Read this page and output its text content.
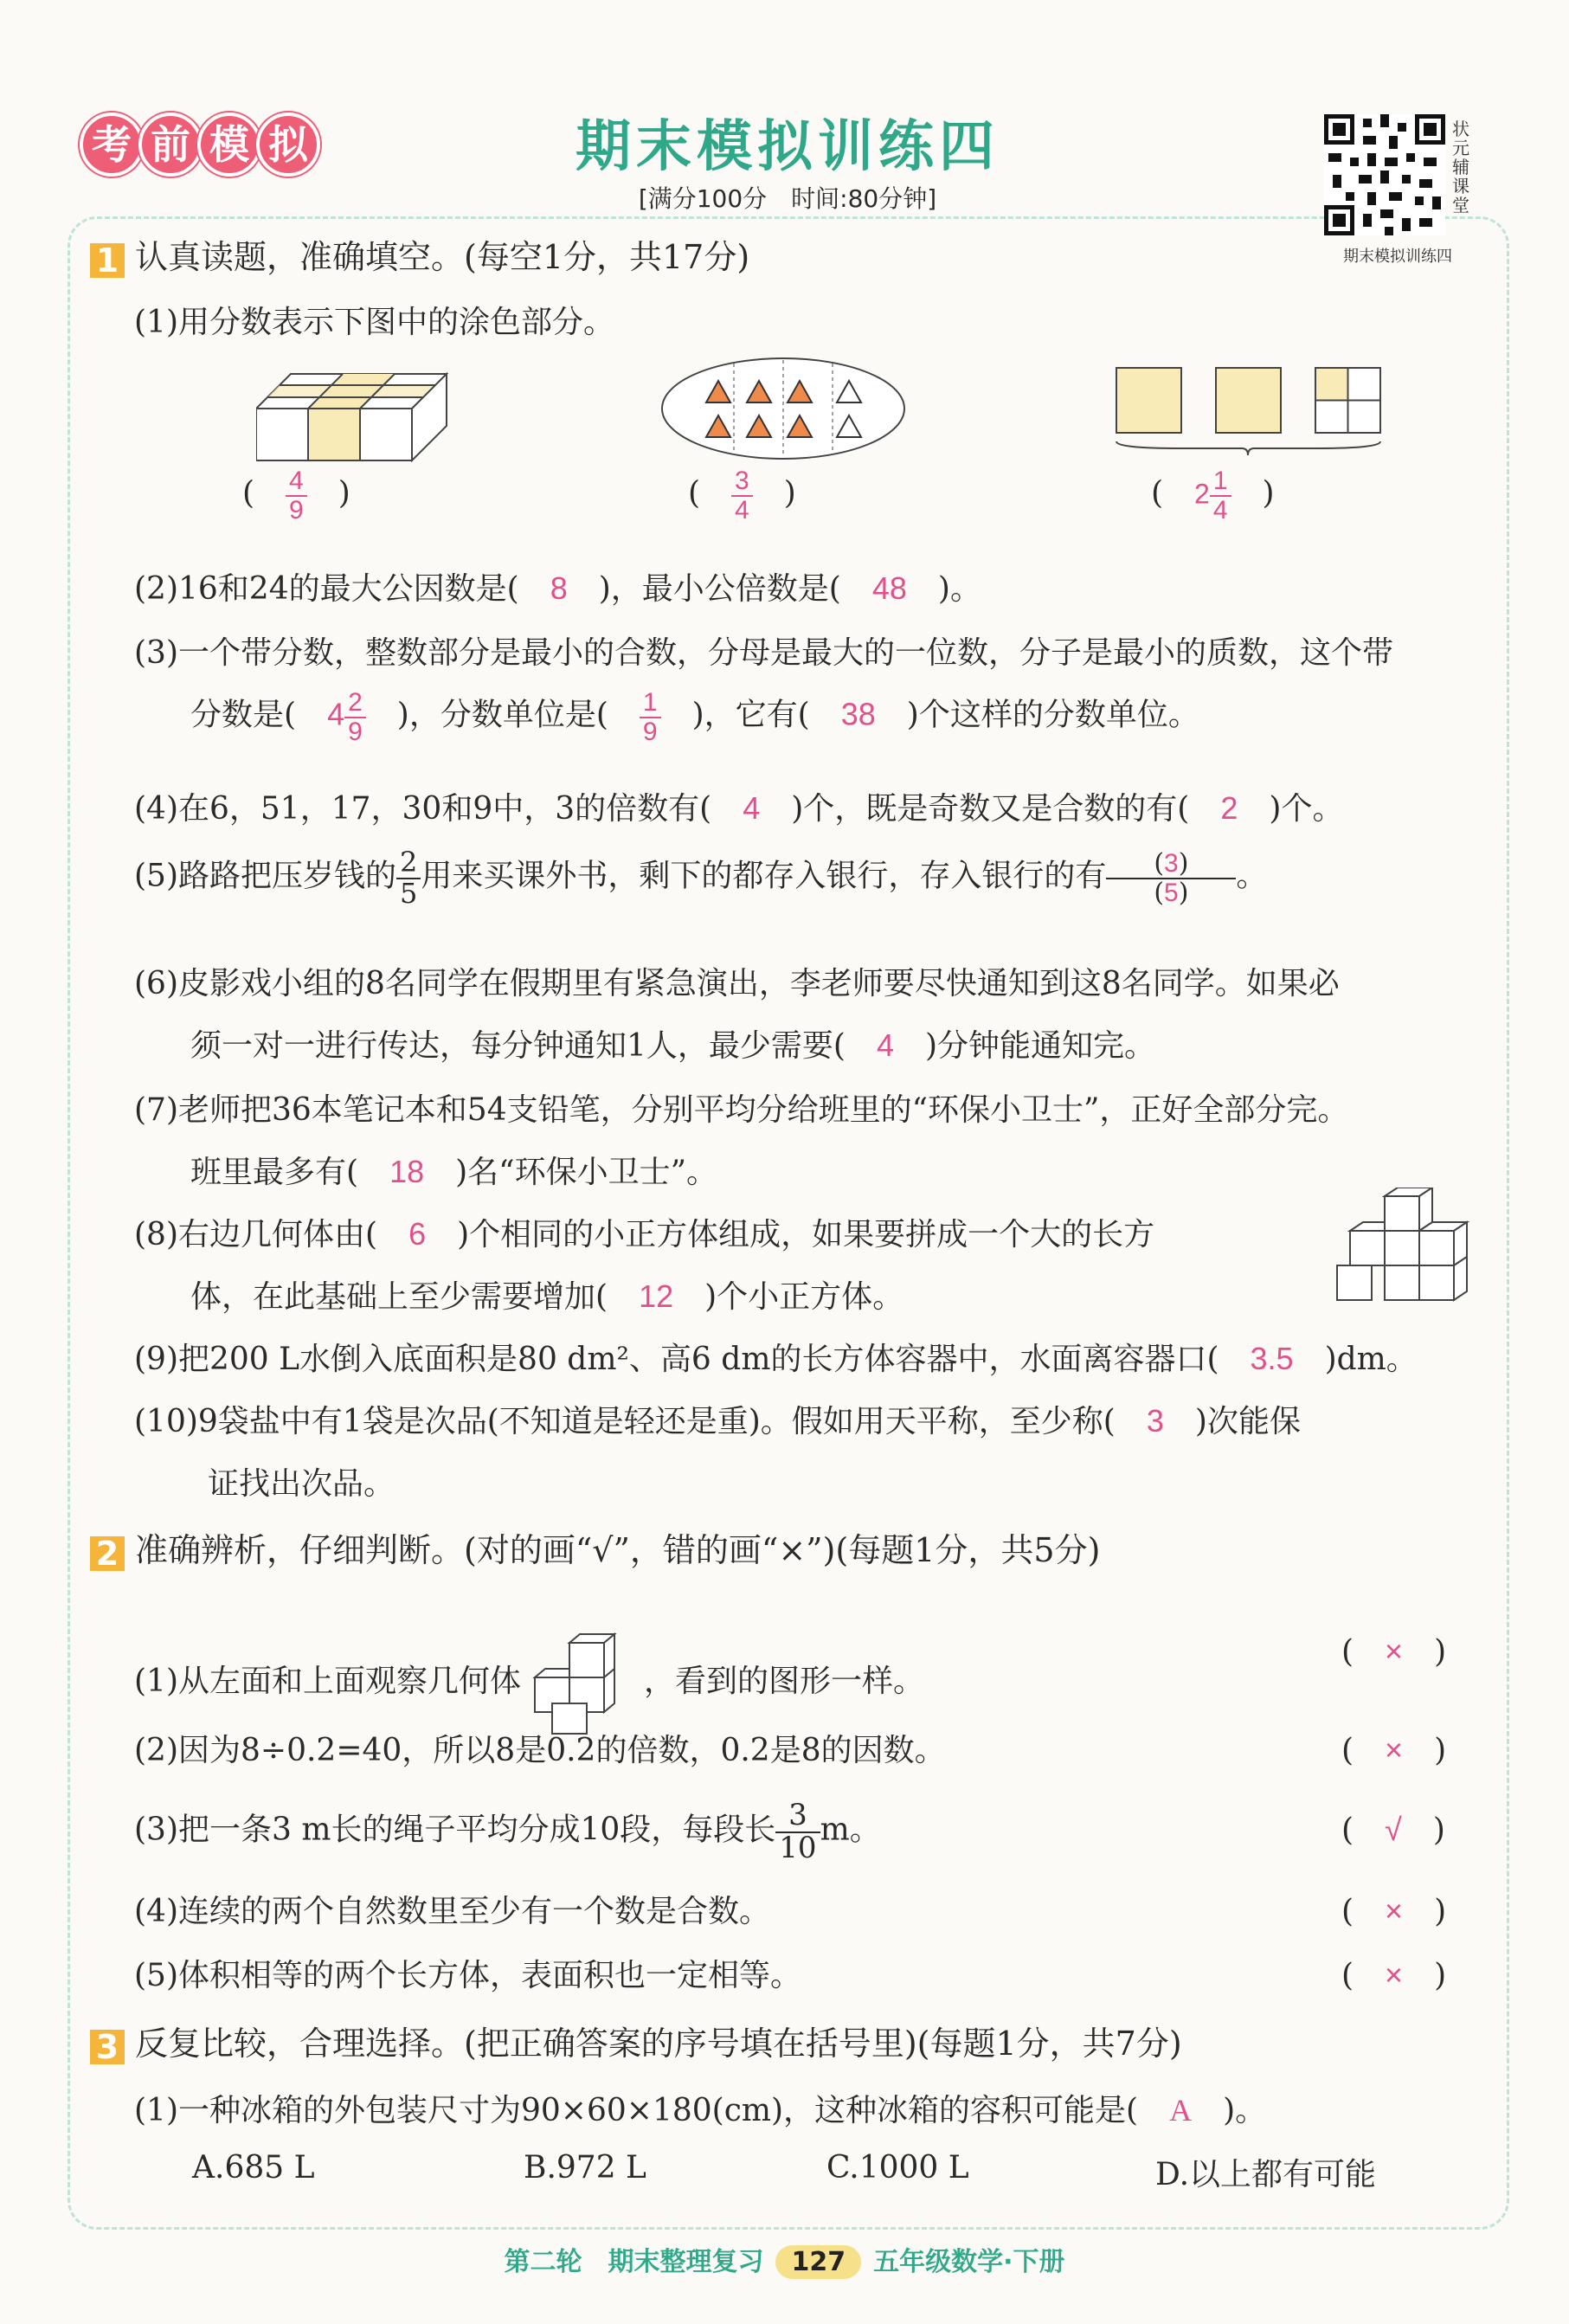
考 前 模 拟	期末模拟训练四
[满分100分　时间:80分钟]
状元辅课堂
期末模拟训练四
1 认真读题，准确填空。(每空1分，共17分)
(1)用分数表示下图中的涂色部分。
(　 $\frac{4}{9}$ 　)	(　 $\frac{3}{4}$ 　)	(　$2 \frac{1}{4}$ 　)
(2)16和24的最大公因数是(　 8　 )，最小公倍数是(　 48　 )。
(3)一个带分数，整数部分是最小的合数，分母是最大的一位数，分子是最小的质数，这个带
分数是(　 $4 \frac{2}{9}$
　 )，分数单位是(　 $\frac{1}{9}$
　 )，它有(　 38　 )个这样的分数单位。
(4)在6，51，17，30和9中，3的倍数有(　 4　 )个，既是奇数又是合数的有(　 2　 )个。
(5)路路把压岁钱的 $\frac{2}{5}$ 用来买课外书，剩下的都存入银行，存入银行的有 $\frac{(3)}{(5)}$ 。
(6)皮影戏小组的8名同学在假期里有紧急演出，李老师要尽快通知到这8名同学。如果必
须一对一进行传达，每分钟通知1人，最少需要(　 4　 )分钟能通知完。
(7)老师把36本笔记本和54支铅笔，分别平均分给班里的“环保小卫士”，正好全部分完。
班里最多有(　 18　 )名“环保小卫士”。
(8)右边几何体由(　 6　 )个相同的小正方体组成，如果要拼成一个大的长方
体，在此基础上至少需要增加(　 12　 )个小正方体。
(9)把200 L水倒入底面积是80 dm²、高6 dm的长方体容器中，水面离容器口(　 3.5　 )dm。
(10)9袋盐中有1袋是次品(不知道是轻还是重)。假如用天平称，至少称(　 3　 )次能保
证找出次品。
2 准确辨析，仔细判断。(对的画“√”，错的画“×”)(每题1分，共5分)
(1)从左面和上面观察几何体	，看到的图形一样。
(　×　)
(2)因为8÷0.2=40，所以8是0.2的倍数，0.2是8的因数。	(　×　)
(3)把一条3 m长的绳子平均分成10段，每段长 $\frac{3}{10}$ m。	(　√　)
(4)连续的两个自然数里至少有一个数是合数。	(　×　)
(5)体积相等的两个长方体，表面积也一定相等。	(　×　)
3 反复比较，合理选择。(把正确答案的序号填在括号里)(每题1分，共7分)
(1)一种冰箱的外包装尺寸为90×60×180(cm)，这种冰箱的容积可能是(　 A　 )。
A.685 L	B.972 L	C.1000 L	D.以上都有可能
第二轮　期末整理复习 127 五年级数学·下册
